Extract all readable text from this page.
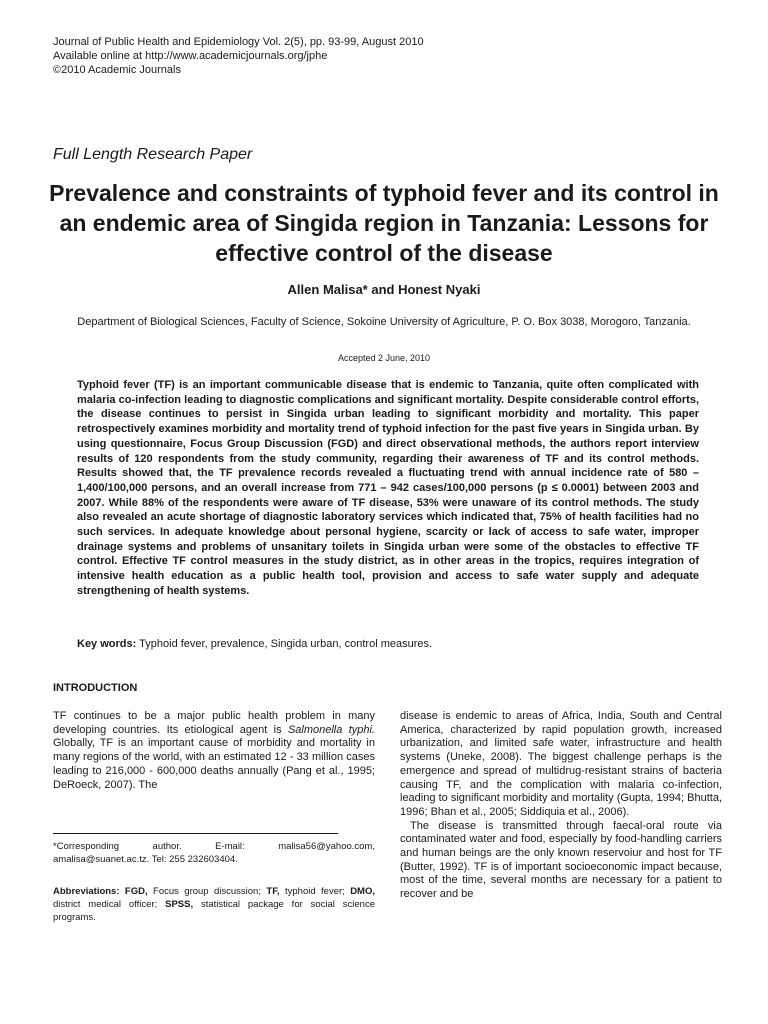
Journal of Public Health and Epidemiology Vol. 2(5), pp. 93-99, August 2010
Available online at http://www.academicjournals.org/jphe
©2010 Academic Journals
Full Length Research Paper
Prevalence and constraints of typhoid fever and its control in an endemic area of Singida region in Tanzania: Lessons for effective control of the disease
Allen Malisa* and Honest Nyaki
Department of Biological Sciences, Faculty of Science, Sokoine University of Agriculture, P. O. Box 3038, Morogoro, Tanzania.
Accepted 2 June, 2010

Typhoid fever (TF) is an important communicable disease that is endemic to Tanzania, quite often complicated with malaria co-infection leading to diagnostic complications and significant mortality. Despite considerable control efforts, the disease continues to persist in Singida urban leading to significant morbidity and mortality. This paper retrospectively examines morbidity and mortality trend of typhoid infection for the past five years in Singida urban. By using questionnaire, Focus Group Discussion (FGD) and direct observational methods, the authors report interview results of 120 respondents from the study community, regarding their awareness of TF and its control methods. Results showed that, the TF prevalence records revealed a fluctuating trend with annual incidence rate of 580 – 1,400/100,000 persons, and an overall increase from 771 – 942 cases/100,000 persons (p ≤ 0.0001) between 2003 and 2007. While 88% of the respondents were aware of TF disease, 53% were unaware of its control methods. The study also revealed an acute shortage of diagnostic laboratory services which indicated that, 75% of health facilities had no such services. In adequate knowledge about personal hygiene, scarcity or lack of access to safe water, improper drainage systems and problems of unsanitary toilets in Singida urban were some of the obstacles to effective TF control. Effective TF control measures in the study district, as in other areas in the tropics, requires integration of intensive health education as a public health tool, provision and access to safe water supply and adequate strengthening of health systems.

Key words: Typhoid fever, prevalence, Singida urban, control measures.
INTRODUCTION

TF continues to be a major public health problem in many developing countries. Its etiological agent is Salmonella typhi. Globally, TF is an important cause of morbidity and mortality in many regions of the world, with an estimated 12 - 33 million cases leading to 216,000 - 600,000 deaths annually (Pang et al., 1995; DeRoeck, 2007). The

*Corresponding author. E-mail: malisa56@yahoo.com, amalisa@suanet.ac.tz. Tel: 255 232603404.
Abbreviations: FGD, Focus group discussion; TF, typhoid fever; DMO, district medical officer; SPSS, statistical package for social science programs.

disease is endemic to areas of Africa, India, South and Central America, characterized by rapid population growth, increased urbanization, and limited safe water, infrastructure and health systems (Uneke, 2008). The biggest challenge perhaps is the emergence and spread of multidrug-resistant strains of bacteria causing TF, and the complication with malaria co-infection, leading to significant morbidity and mortality (Gupta, 1994; Bhutta, 1996; Bhan et al., 2005; Siddiquia et al., 2006).

The disease is transmitted through faecal-oral route via contaminated water and food, especially by food-handling carriers and human beings are the only known reservoiur and host for TF (Butter, 1992). TF is of important socioeconomic impact because, most of the time, several months are necessary for a patient to recover and be
